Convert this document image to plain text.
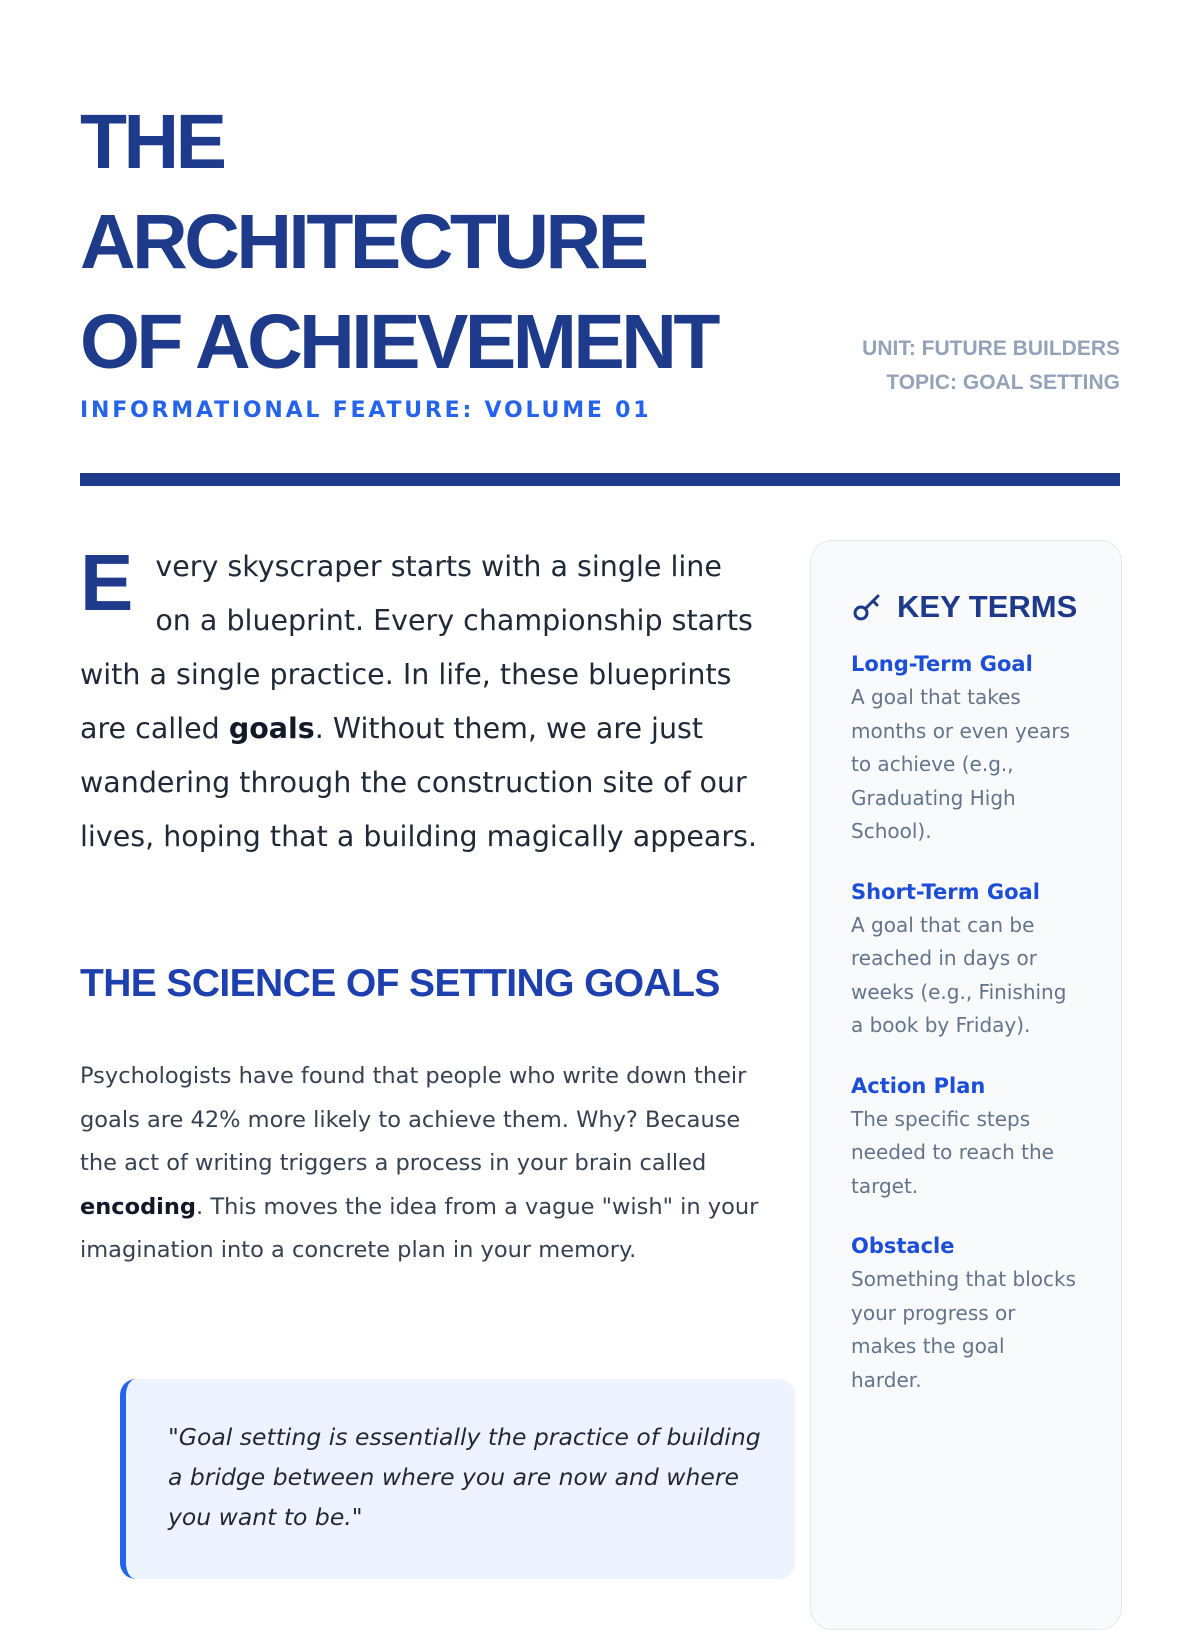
THE
ARCHITECTURE
OF ACHIEVEMENT
INFORMATIONAL FEATURE: VOLUME 01
UNIT: FUTURE BUILDERS
TOPIC: GOAL SETTING

Every skyscraper starts with a single line on a blueprint. Every championship starts with a single practice. In life, these blueprints are called goals. Without them, we are just wandering through the construction site of our lives, hoping that a building magically appears.

THE SCIENCE OF SETTING GOALS

Psychologists have found that people who write down their goals are 42% more likely to achieve them. Why? Because the act of writing triggers a process in your brain called encoding. This moves the idea from a vague "wish" in your imagination into a concrete plan in your memory.

"Goal setting is essentially the practice of building a bridge between where you are now and where you want to be."
KEY TERMS
Long-Term Goal
A goal that takes months or even years to achieve (e.g., Graduating High School).
Short-Term Goal
A goal that can be reached in days or weeks (e.g., Finishing a book by Friday).
Action Plan
The specific steps needed to reach the target.
Obstacle
Something that blocks your progress or makes the goal harder.
